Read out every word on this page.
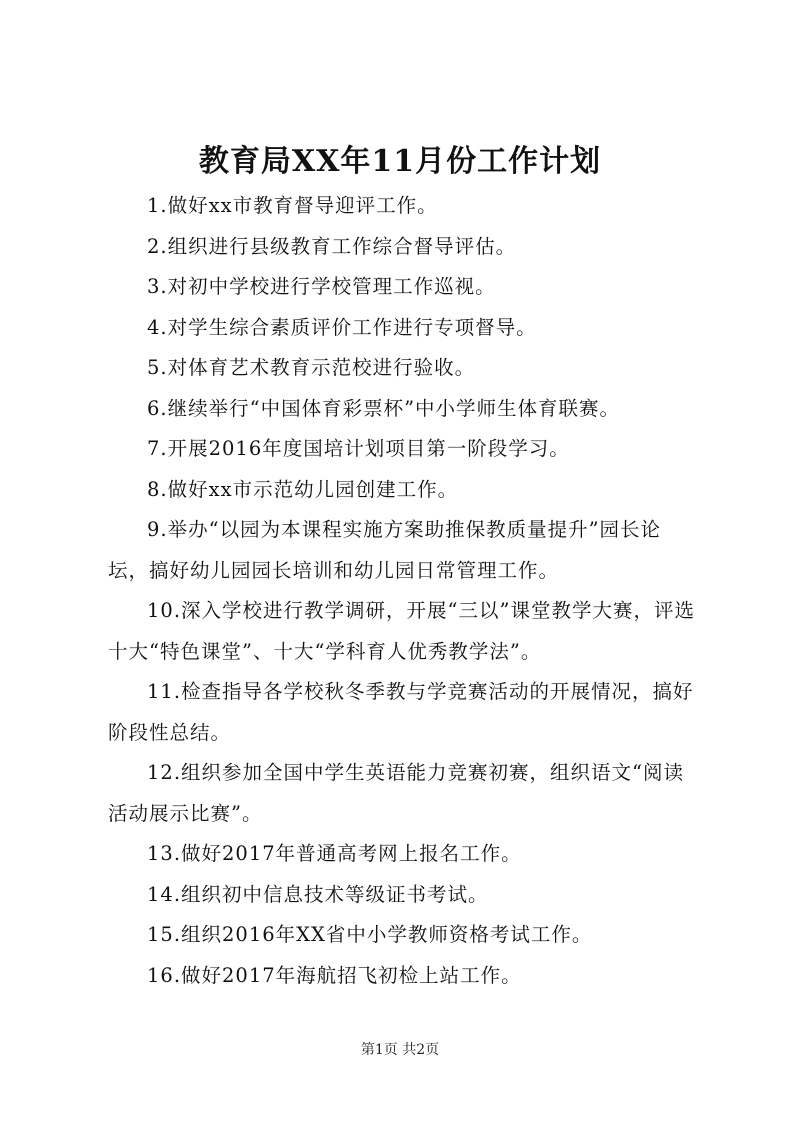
教育局XX年11月份工作计划

1.做好xx市教育督导迎评工作。

2.组织进行县级教育工作综合督导评估。

3.对初中学校进行学校管理工作巡视。

4.对学生综合素质评价工作进行专项督导。

5.对体育艺术教育示范校进行验收。

6.继续举行“中国体育彩票杯”中小学师生体育联赛。

7.开展2016年度国培计划项目第一阶段学习。

8.做好xx市示范幼儿园创建工作。

9.举办“以园为本课程实施方案助推保教质量提升”园长论坛，搞好幼儿园园长培训和幼儿园日常管理工作。

10.深入学校进行教学调研，开展“三以”课堂教学大赛，评选十大“特色课堂”、十大“学科育人优秀教学法”。

11.检查指导各学校秋冬季教与学竞赛活动的开展情况，搞好阶段性总结。

12.组织参加全国中学生英语能力竞赛初赛，组织语文“阅读活动展示比赛”。

13.做好2017年普通高考网上报名工作。

14.组织初中信息技术等级证书考试。

15.组织2016年XX省中小学教师资格考试工作。

16.做好2017年海航招飞初检上站工作。

第1页 共2页
